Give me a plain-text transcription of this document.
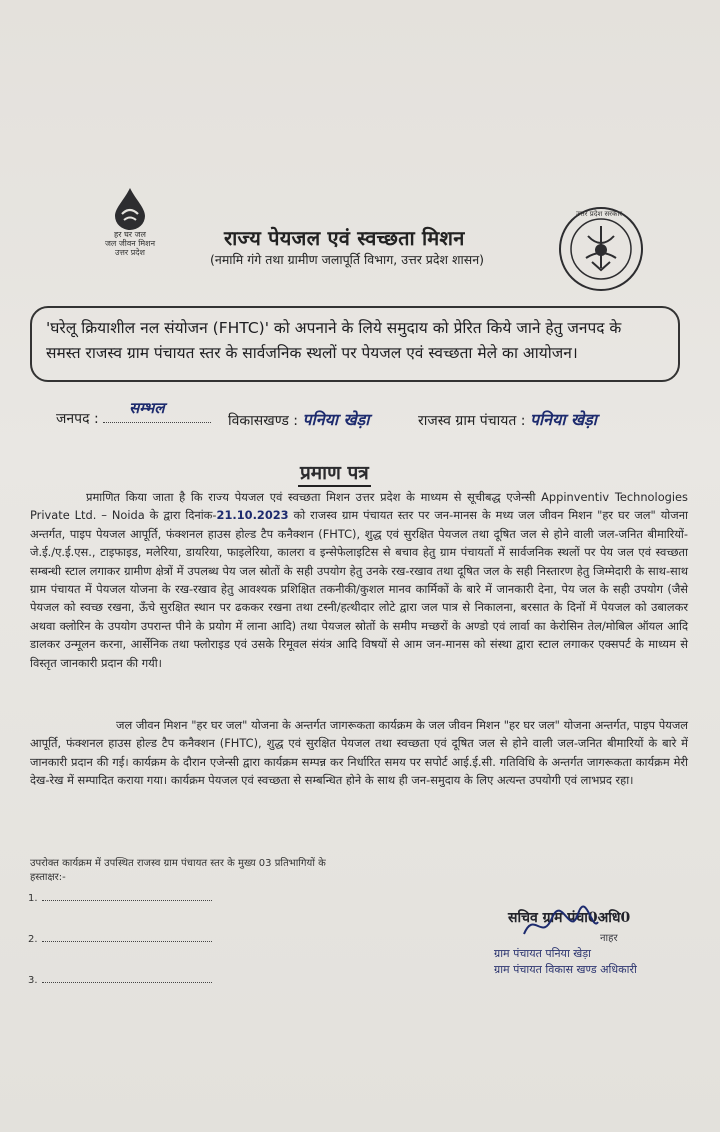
हर घर जल
जल जीवन मिशन
उत्तर प्रदेश
उत्तर प्रदेश सरकार
राज्य पेयजल एवं स्वच्छता मिशन
(नमामि गंगे तथा ग्रामीण जलापूर्ति विभाग, उत्तर प्रदेश शासन)
'घरेलू क्रियाशील नल संयोजन (FHTC)' को अपनाने के लिये समुदाय को प्रेरित किये जाने हेतु जनपद के
समस्त राजस्व ग्राम पंचायत स्तर के सार्वजनिक स्थलों पर पेयजल एवं स्वच्छता मेले का आयोजन।
जनपद :
सम्भल
विकासखण्ड : पनिया खेड़ा	राजस्व ग्राम पंचायत : पनिया खेड़ा
प्रमाण पत्र
प्रमाणित किया जाता है कि राज्य पेयजल एवं स्वच्छता मिशन उत्तर प्रदेश के माध्यम से सूचीबद्ध एजेन्सी Appinventiv Technologies Private Ltd. – Noida के द्वारा दिनांक-21.10.2023 को राजस्व ग्राम पंचायत स्तर पर जन-मानस के मध्य जल जीवन मिशन "हर घर जल" योजना अन्तर्गत, पाइप पेयजल आपूर्ति, फंक्शनल हाउस होल्ड टैप कनैक्शन (FHTC), शुद्ध एवं सुरक्षित पेयजल तथा दूषित जल से होने वाली जल-जनित बीमारियों-जे.ई./ए.ई.एस., टाइफाइड, मलेरिया, डायरिया, फाइलेरिया, कालरा व इन्सेफेलाइटिस से बचाव हेतु ग्राम पंचायतों में सार्वजनिक स्थलों पर पेय जल एवं स्वच्छता सम्बन्धी स्टाल लगाकर ग्रामीण क्षेत्रों में उपलब्ध पेय जल स्रोतों के सही उपयोग हेतु उनके रख-रखाव तथा दूषित जल के सही निस्तारण हेतु जिम्मेदारी के साथ-साथ ग्राम पंचायत में पेयजल योजना के रख-रखाव हेतु आवश्यक प्रशिक्षित तकनीकी/कुशल मानव कार्मिकों के बारे में जानकारी देना, पेय जल के सही उपयोग (जैसे पेयजल को स्वच्छ रखना, ऊँचे सुरक्षित स्थान पर ढककर रखना तथा टस्नी/हत्थीदार लोटे द्वारा जल पात्र से निकालना, बरसात के दिनों में पेयजल को उबालकर अथवा क्लोरिन के उपयोग उपरान्त पीने के प्रयोग में लाना आदि) तथा पेयजल स्रोतों के समीप मच्छरों के अण्डो एवं लार्वा का केरोसिन तेल/मोबिल ऑयल आदि डालकर उन्मूलन करना, आर्सेनिक तथा फ्लोराइड एवं उसके रिमूवल संयंत्र आदि विषयों से आम जन-मानस को संस्था द्वारा स्टाल लगाकर एक्सपर्ट के माध्यम से विस्तृत जानकारी प्रदान की गयी।
जल जीवन मिशन "हर घर जल" योजना के अन्तर्गत जागरूकता कार्यक्रम के जल जीवन मिशन "हर घर जल" योजना अन्तर्गत, पाइप पेयजल आपूर्ति, फंक्शनल हाउस होल्ड टैप कनैक्शन (FHTC), शुद्ध एवं सुरक्षित पेयजल तथा स्वच्छता एवं दूषित जल से होने वाली जल-जनित बीमारियों के बारे में जानकारी प्रदान की गई। कार्यक्रम के दौरान एजेन्सी द्वारा कार्यक्रम सम्पन्न कर निर्धारित समय पर सपोर्ट आई.ई.सी. गतिविधि के अन्तर्गत जागरूकता कार्यक्रम मेरी देख-रेख में सम्पादित कराया गया। कार्यक्रम पेयजल एवं स्वच्छता से सम्बन्धित होने के साथ ही जन-समुदाय के लिए अत्यन्त उपयोगी एवं लाभप्रद रहा।
उपरोक्त कार्यक्रम में उपस्थित राजस्व ग्राम पंचायत स्तर के मुख्य 03 प्रतिभागियों के
हस्ताक्षर:-
1.
2.
3.
सचिव ग्राम पंचा0अधि0
नाहर
ग्राम पंचायत पनिया खेड़ा
ग्राम पंचायत विकास खण्ड अधिकारी
